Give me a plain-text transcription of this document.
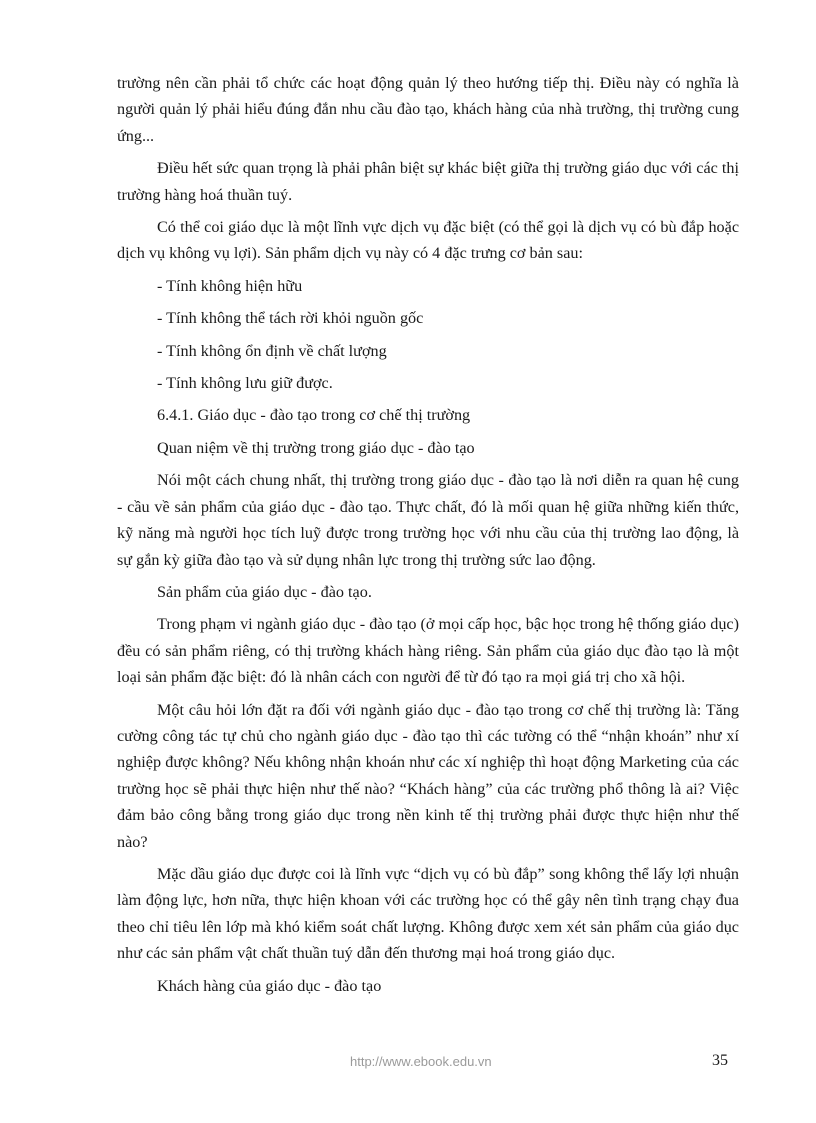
trường nên cần phải tổ chức các hoạt động quản lý theo hướng tiếp thị. Điều này có nghĩa là người quản lý phải hiểu đúng đắn nhu cầu đào tạo, khách hàng của nhà trường, thị trường cung ứng...

Điều hết sức quan trọng là phải phân biệt sự khác biệt giữa thị trường giáo dục với các thị trường hàng hoá thuần tuý.

Có thể coi giáo dục là một lĩnh vực dịch vụ đặc biệt (có thể gọi là dịch vụ có bù đắp hoặc dịch vụ không vụ lợi). Sản phẩm dịch vụ này có 4 đặc trưng cơ bản sau:

- Tính không hiện hữu

- Tính không thể tách rời khỏi nguồn gốc

- Tính không ổn định về chất lượng

- Tính không lưu giữ được.

6.4.1. Giáo dục - đào tạo trong cơ chế thị trường

Quan niệm về thị trường trong giáo dục - đào tạo

Nói một cách chung nhất, thị trường trong giáo dục - đào tạo là nơi diễn ra quan hệ cung - cầu về sản phẩm của giáo dục - đào tạo. Thực chất, đó là mối quan hệ giữa những kiến thức, kỹ năng mà người học tích luỹ được trong trường học với nhu cầu của thị trường lao động, là sự gắn kỳ giữa đào tạo và sử dụng nhân lực trong thị trường sức lao động.

Sản phẩm của giáo dục - đào tạo.

Trong phạm vi ngành giáo dục - đào tạo (ở mọi cấp học, bậc học trong hệ thống giáo dục) đều có sản phẩm riêng, có thị trường khách hàng riêng. Sản phẩm của giáo dục đào tạo là một loại sản phẩm đặc biệt: đó là nhân cách con người để từ đó tạo ra mọi giá trị cho xã hội.

Một câu hỏi lớn đặt ra đối với ngành giáo dục - đào tạo trong cơ chế thị trường là: Tăng cường công tác tự chủ cho ngành giáo dục - đào tạo thì các tường có thể “nhận khoán” như xí nghiệp được không? Nếu không nhận khoán như các xí nghiệp thì hoạt động Marketing của các trường học sẽ phải thực hiện như thế nào? “Khách hàng” của các trường phổ thông là ai? Việc đảm bảo công bằng trong giáo dục trong nền kinh tế thị trường phải được thực hiện như thế nào?

Mặc dầu giáo dục được coi là lĩnh vực “dịch vụ có bù đắp” song không thể lấy lợi nhuận làm động lực, hơn nữa, thực hiện khoan với các trường học có thể gây nên tình trạng chạy đua theo chỉ tiêu lên lớp mà khó kiểm soát chất lượng. Không được xem xét sản phẩm của giáo dục như các sản phẩm vật chất thuần tuý dẫn đến thương mại hoá trong giáo dục.

Khách hàng của giáo dục - đào tạo

http://www.ebook.edu.vn	35
